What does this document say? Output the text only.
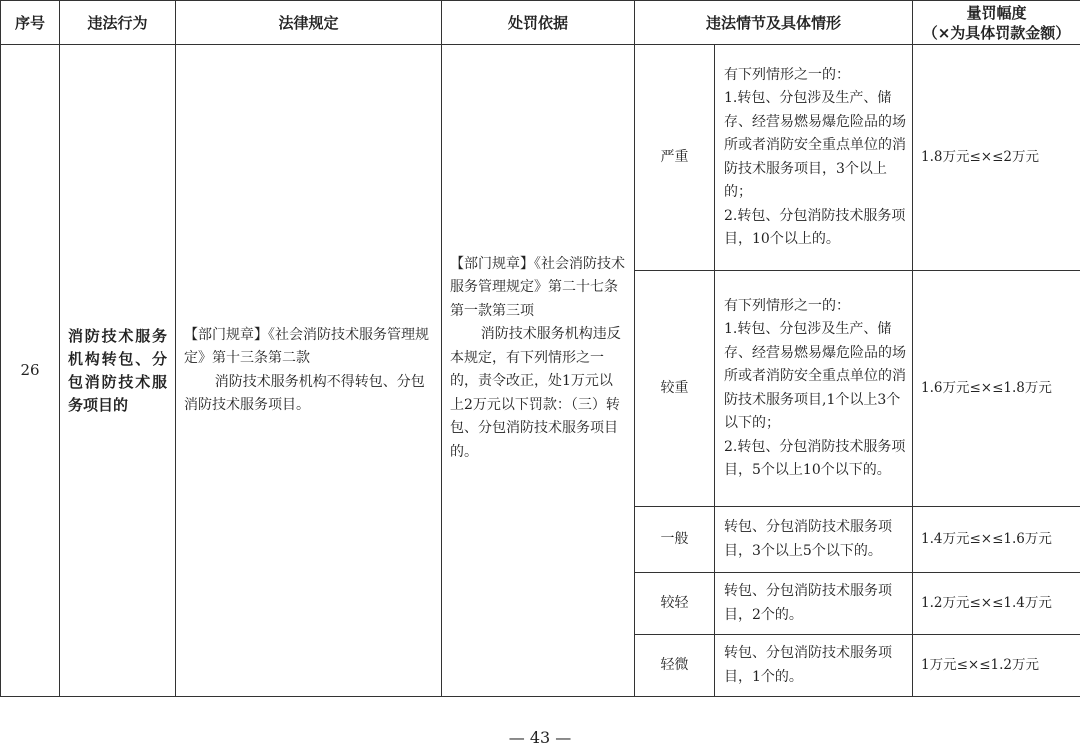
序号	违法行为	法律规定	处罚依据	违法情节及具体情形		量罚幅度
（×为具体罚款金额）

26	消防技术服务机构转包、分包消防技术服务项目的	【部门规章】《社会消防技术服务管理规定》第十三条第二款
消防技术服务机构不得转包、分包消防技术服务项目。	【部门规章】《社会消防技术服务管理规定》第二十七条第一款第三项
消防技术服务机构违反本规定，有下列情形之一的，责令改正，处1万元以上2万元以下罚款：（三）转包、分包消防技术服务项目的。	严重	有下列情形之一的：
1.转包、分包涉及生产、储存、经营易燃易爆危险品的场所或者消防安全重点单位的消防技术服务项目，3个以上的；
2.转包、分包消防技术服务项目，10个以上的。	1.8万元≤×≤2万元
				较重	有下列情形之一的：
1.转包、分包涉及生产、储存、经营易燃易爆危险品的场所或者消防安全重点单位的消防技术服务项目,1个以上3个以下的；
2.转包、分包消防技术服务项目，5个以上10个以下的。	1.6万元≤×≤1.8万元
				一般	转包、分包消防技术服务项目，3个以上5个以下的。	1.4万元≤×≤1.6万元
				较轻	转包、分包消防技术服务项目，2个的。	1.2万元≤×≤1.4万元
				轻微	转包、分包消防技术服务项目，1个的。	1万元≤×≤1.2万元
— 43 —
